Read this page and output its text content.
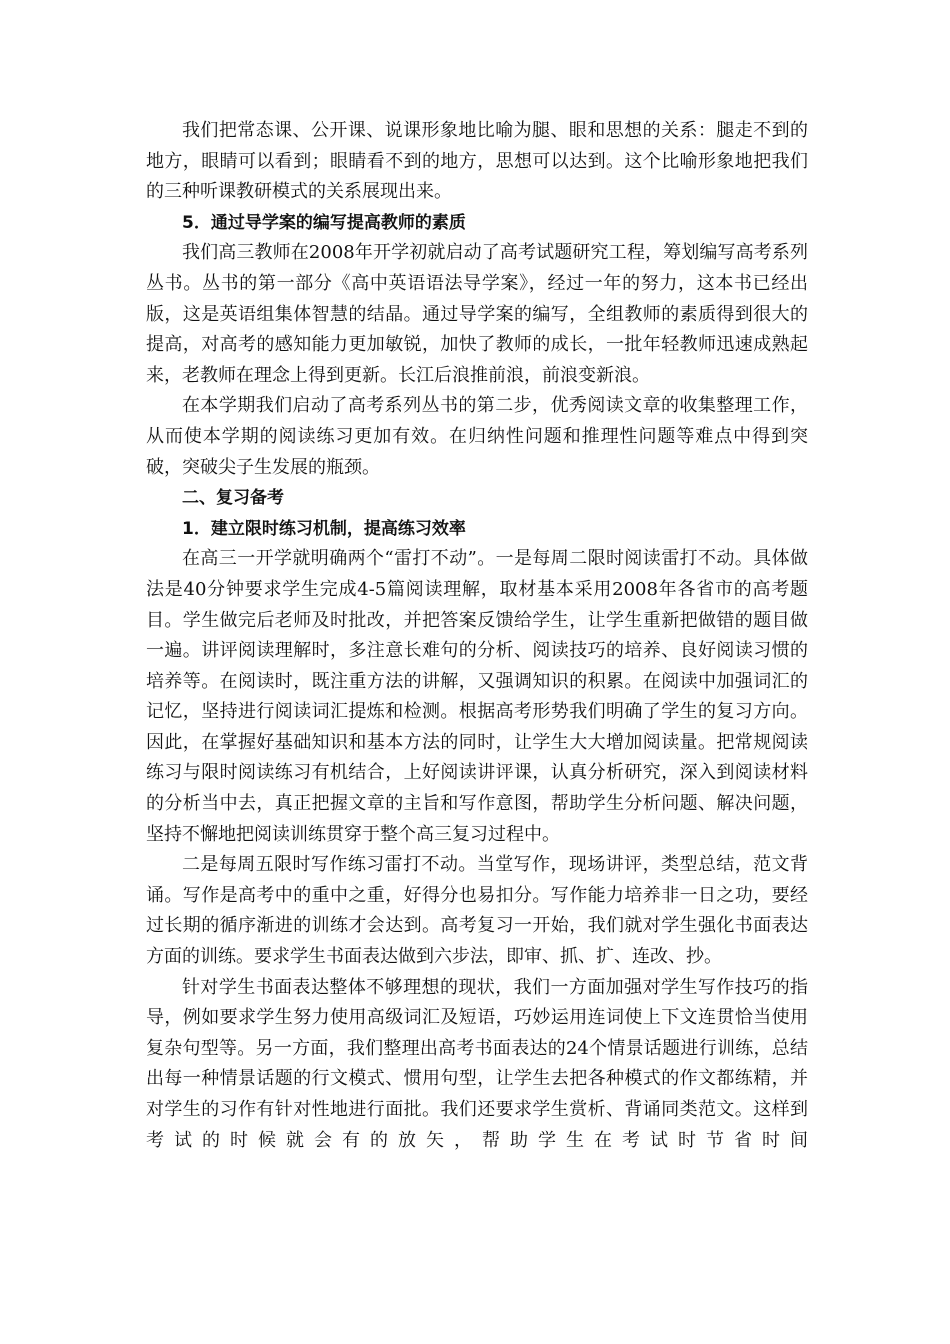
我们把常态课、公开课、说课形象地比喻为腿、眼和思想的关系：腿走不到的地方，眼睛可以看到；眼睛看不到的地方，思想可以达到。这个比喻形象地把我们的三种听课教研模式的关系展现出来。

5．通过导学案的编写提高教师的素质

我们高三教师在2008年开学初就启动了高考试题研究工程，筹划编写高考系列丛书。丛书的第一部分《高中英语语法导学案》，经过一年的努力，这本书已经出版，这是英语组集体智慧的结晶。通过导学案的编写，全组教师的素质得到很大的提高，对高考的感知能力更加敏锐，加快了教师的成长，一批年轻教师迅速成熟起来，老教师在理念上得到更新。长江后浪推前浪，前浪变新浪。

在本学期我们启动了高考系列丛书的第二步，优秀阅读文章的收集整理工作，从而使本学期的阅读练习更加有效。在归纳性问题和推理性问题等难点中得到突破，突破尖子生发展的瓶颈。

二、复习备考

1．建立限时练习机制，提高练习效率

在高三一开学就明确两个“雷打不动”。一是每周二限时阅读雷打不动。具体做法是40分钟要求学生完成4-5篇阅读理解，取材基本采用2008年各省市的高考题目。学生做完后老师及时批改，并把答案反馈给学生，让学生重新把做错的题目做一遍。讲评阅读理解时，多注意长难句的分析、阅读技巧的培养、良好阅读习惯的培养等。在阅读时，既注重方法的讲解，又强调知识的积累。在阅读中加强词汇的记忆，坚持进行阅读词汇提炼和检测。根据高考形势我们明确了学生的复习方向。因此，在掌握好基础知识和基本方法的同时，让学生大大增加阅读量。把常规阅读练习与限时阅读练习有机结合，上好阅读讲评课，认真分析研究，深入到阅读材料的分析当中去，真正把握文章的主旨和写作意图，帮助学生分析问题、解决问题，坚持不懈地把阅读训练贯穿于整个高三复习过程中。

二是每周五限时写作练习雷打不动。当堂写作，现场讲评，类型总结，范文背诵。写作是高考中的重中之重，好得分也易扣分。写作能力培养非一日之功，要经过长期的循序渐进的训练才会达到。高考复习一开始，我们就对学生强化书面表达方面的训练。要求学生书面表达做到六步法，即审、抓、扩、连改、抄。

针对学生书面表达整体不够理想的现状，我们一方面加强对学生写作技巧的指导，例如要求学生努力使用高级词汇及短语，巧妙运用连词使上下文连贯恰当使用复杂句型等。另一方面，我们整理出高考书面表达的24个情景话题进行训练，总结出每一种情景话题的行文模式、惯用句型，让学生去把各种模式的作文都练精，并对学生的习作有针对性地进行面批。我们还要求学生赏析、背诵同类范文。这样到考试的时候就会有的放矢，帮助学生在考试时节省时间
